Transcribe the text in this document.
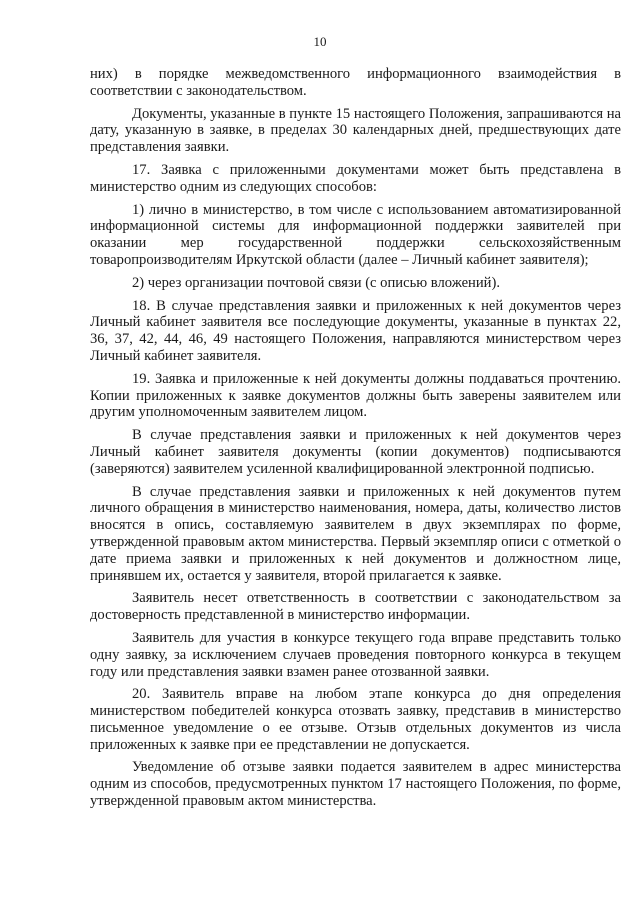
10

них) в порядке межведомственного информационного взаимодействия в соответствии с законодательством.

Документы, указанные в пункте 15 настоящего Положения, запрашиваются на дату, указанную в заявке, в пределах 30 календарных дней, предшествующих дате представления заявки.

17. Заявка с приложенными документами может быть представлена в министерство одним из следующих способов:

1) лично в министерство, в том числе с использованием автоматизированной информационной системы для информационной поддержки заявителей при оказании мер государственной поддержки сельскохозяйственным товаропроизводителям Иркутской области (далее – Личный кабинет заявителя);

2) через организации почтовой связи (с описью вложений).

18. В случае представления заявки и приложенных к ней документов через Личный кабинет заявителя все последующие документы, указанные в пунктах 22, 36, 37, 42, 44, 46, 49 настоящего Положения, направляются министерством через Личный кабинет заявителя.

19. Заявка и приложенные к ней документы должны поддаваться прочтению. Копии приложенных к заявке документов должны быть заверены заявителем или другим уполномоченным заявителем лицом.

В случае представления заявки и приложенных к ней документов через Личный кабинет заявителя документы (копии документов) подписываются (заверяются) заявителем усиленной квалифицированной электронной подписью.

В случае представления заявки и приложенных к ней документов путем личного обращения в министерство наименования, номера, даты, количество листов вносятся в опись, составляемую заявителем в двух экземплярах по форме, утвержденной правовым актом министерства. Первый экземпляр описи с отметкой о дате приема заявки и приложенных к ней документов и должностном лице, принявшем их, остается у заявителя, второй прилагается к заявке.

Заявитель несет ответственность в соответствии с законодательством за достоверность представленной в министерство информации.

Заявитель для участия в конкурсе текущего года вправе представить только одну заявку, за исключением случаев проведения повторного конкурса в текущем году или представления заявки взамен ранее отозванной заявки.

20. Заявитель вправе на любом этапе конкурса до дня определения министерством победителей конкурса отозвать заявку, представив в министерство письменное уведомление о ее отзыве. Отзыв отдельных документов из числа приложенных к заявке при ее представлении не допускается.

Уведомление об отзыве заявки подается заявителем в адрес министерства одним из способов, предусмотренных пунктом 17 настоящего Положения, по форме, утвержденной правовым актом министерства.
